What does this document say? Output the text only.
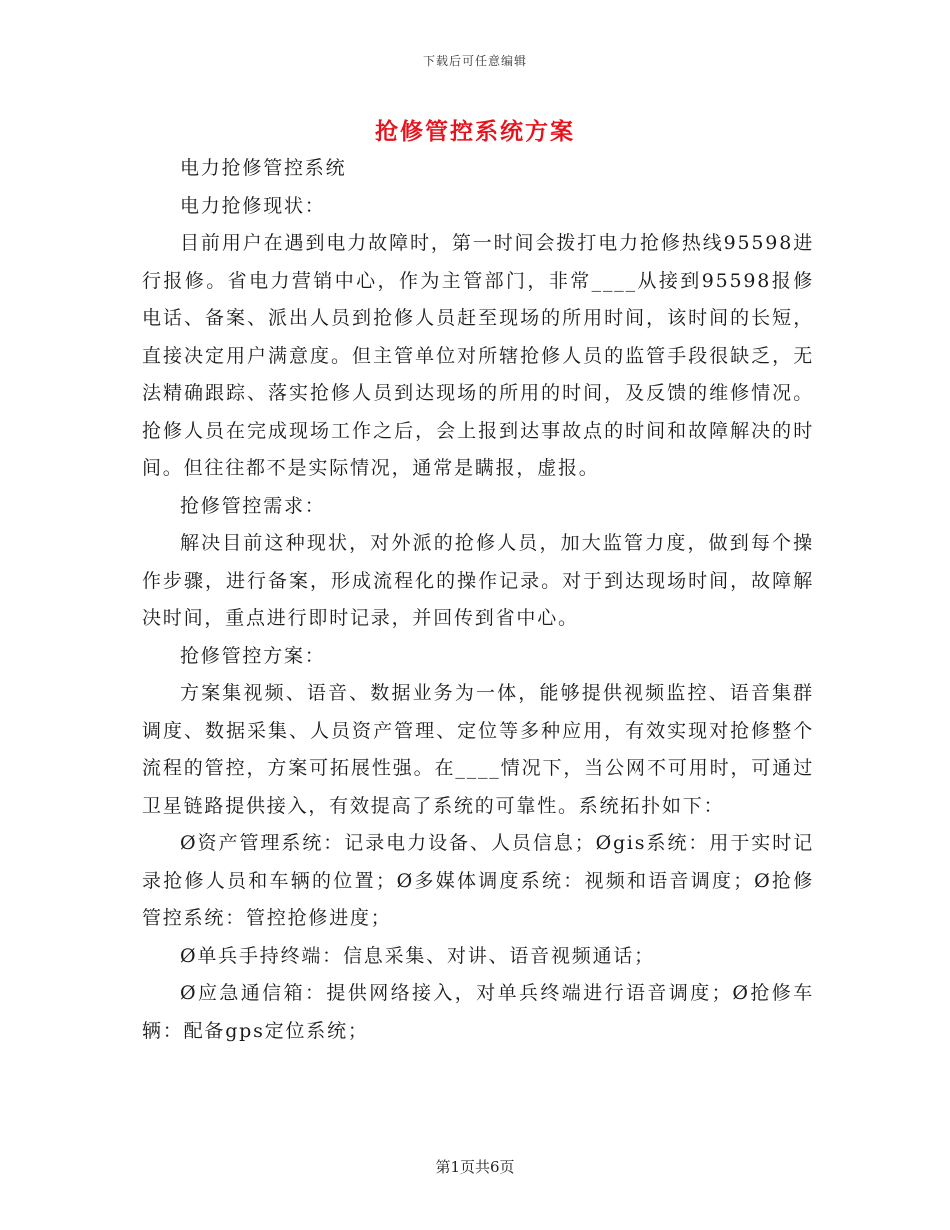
下载后可任意编辑
抢修管控系统方案

电力抢修管控系统

电力抢修现状：

目前用户在遇到电力故障时，第一时间会拨打电力抢修热线95598进行报修。省电力营销中心，作为主管部门，非常____从接到95598报修电话、备案、派出人员到抢修人员赶至现场的所用时间，该时间的长短，直接决定用户满意度。但主管单位对所辖抢修人员的监管手段很缺乏，无法精确跟踪、落实抢修人员到达现场的所用的时间，及反馈的维修情况。抢修人员在完成现场工作之后，会上报到达事故点的时间和故障解决的时间。但往往都不是实际情况，通常是瞒报，虚报。

抢修管控需求：

解决目前这种现状，对外派的抢修人员，加大监管力度，做到每个操作步骤，进行备案，形成流程化的操作记录。对于到达现场时间，故障解决时间，重点进行即时记录，并回传到省中心。

抢修管控方案：

方案集视频、语音、数据业务为一体，能够提供视频监控、语音集群调度、数据采集、人员资产管理、定位等多种应用，有效实现对抢修整个流程的管控，方案可拓展性强。在____情况下，当公网不可用时，可通过卫星链路提供接入，有效提高了系统的可靠性。系统拓扑如下：

Ø资产管理系统：记录电力设备、人员信息；Øgis系统：用于实时记录抢修人员和车辆的位置；Ø多媒体调度系统：视频和语音调度；Ø抢修管控系统：管控抢修进度；

Ø单兵手持终端：信息采集、对讲、语音视频通话；

Ø应急通信箱：提供网络接入，对单兵终端进行语音调度；Ø抢修车辆：配备gps定位系统；

第1页共6页
